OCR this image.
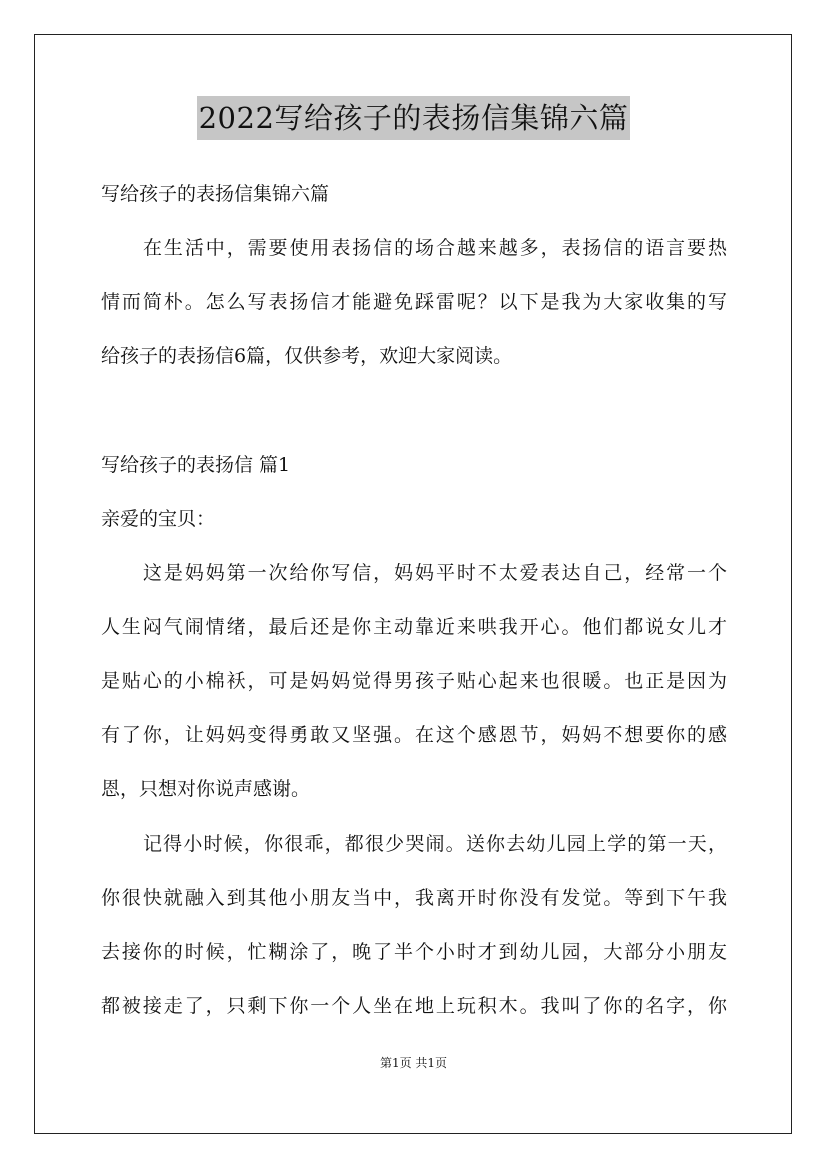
2022写给孩子的表扬信集锦六篇

写给孩子的表扬信集锦六篇

在生活中，需要使用表扬信的场合越来越多，表扬信的语言要热

情而简朴。怎么写表扬信才能避免踩雷呢？以下是我为大家收集的写

给孩子的表扬信6篇，仅供参考，欢迎大家阅读。

写给孩子的表扬信 篇1

亲爱的宝贝：

这是妈妈第一次给你写信，妈妈平时不太爱表达自己，经常一个

人生闷气闹情绪，最后还是你主动靠近来哄我开心。他们都说女儿才

是贴心的小棉袄，可是妈妈觉得男孩子贴心起来也很暖。也正是因为

有了你，让妈妈变得勇敢又坚强。在这个感恩节，妈妈不想要你的感

恩，只想对你说声感谢。

记得小时候，你很乖，都很少哭闹。送你去幼儿园上学的第一天，

你很快就融入到其他小朋友当中，我离开时你没有发觉。等到下午我

去接你的时候，忙糊涂了，晚了半个小时才到幼儿园，大部分小朋友

都被接走了，只剩下你一个人坐在地上玩积木。我叫了你的名字，你

第1页 共1页
